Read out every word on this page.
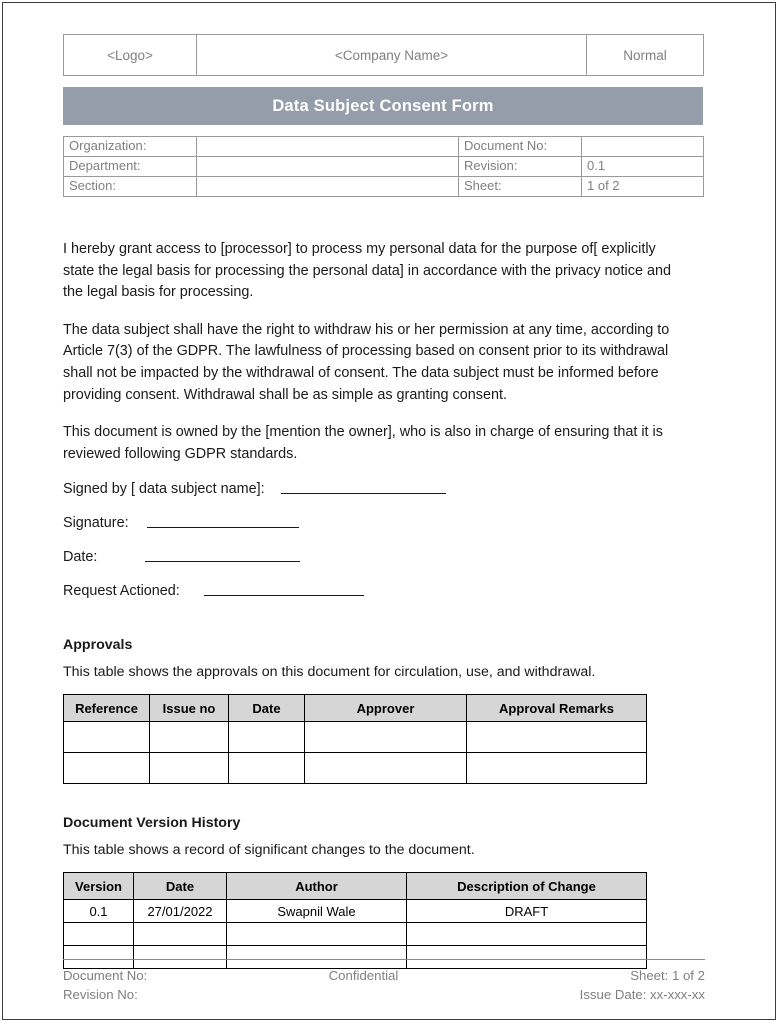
<Logo>	<Company Name>	Normal
Data Subject Consent Form
Organization:		Document No:	
Department:		Revision:	0.1
Section:		Sheet:	1 of 2

I hereby grant access to [processor] to process my personal data for the purpose of[ explicitly state the legal basis for processing the personal data] in accordance with the privacy notice and the legal basis for processing.

The data subject shall have the right to withdraw his or her permission at any time, according to Article 7(3) of the GDPR. The lawfulness of processing based on consent prior to its withdrawal shall not be impacted by the withdrawal of consent. The data subject must be informed before providing consent. Withdrawal shall be as simple as granting consent.

This document is owned by the [mention the owner], who is also in charge of ensuring that it is reviewed following GDPR standards.

Signed by [ data subject name]:
Signature:
Date:
Request Actioned:
Approvals

This table shows the approvals on this document for circulation, use, and withdrawal.

Reference	Issue no	Date	Approver	Approval Remarks

Document Version History

This table shows a record of significant changes to the document.

Version	Date	Author	Description of Change
0.1	27/01/2022	Swapnil Wale	DRAFT

Document No:
Revision No:
Confidential	Sheet: 1 of 2
Issue Date: xx-xxx-xx
